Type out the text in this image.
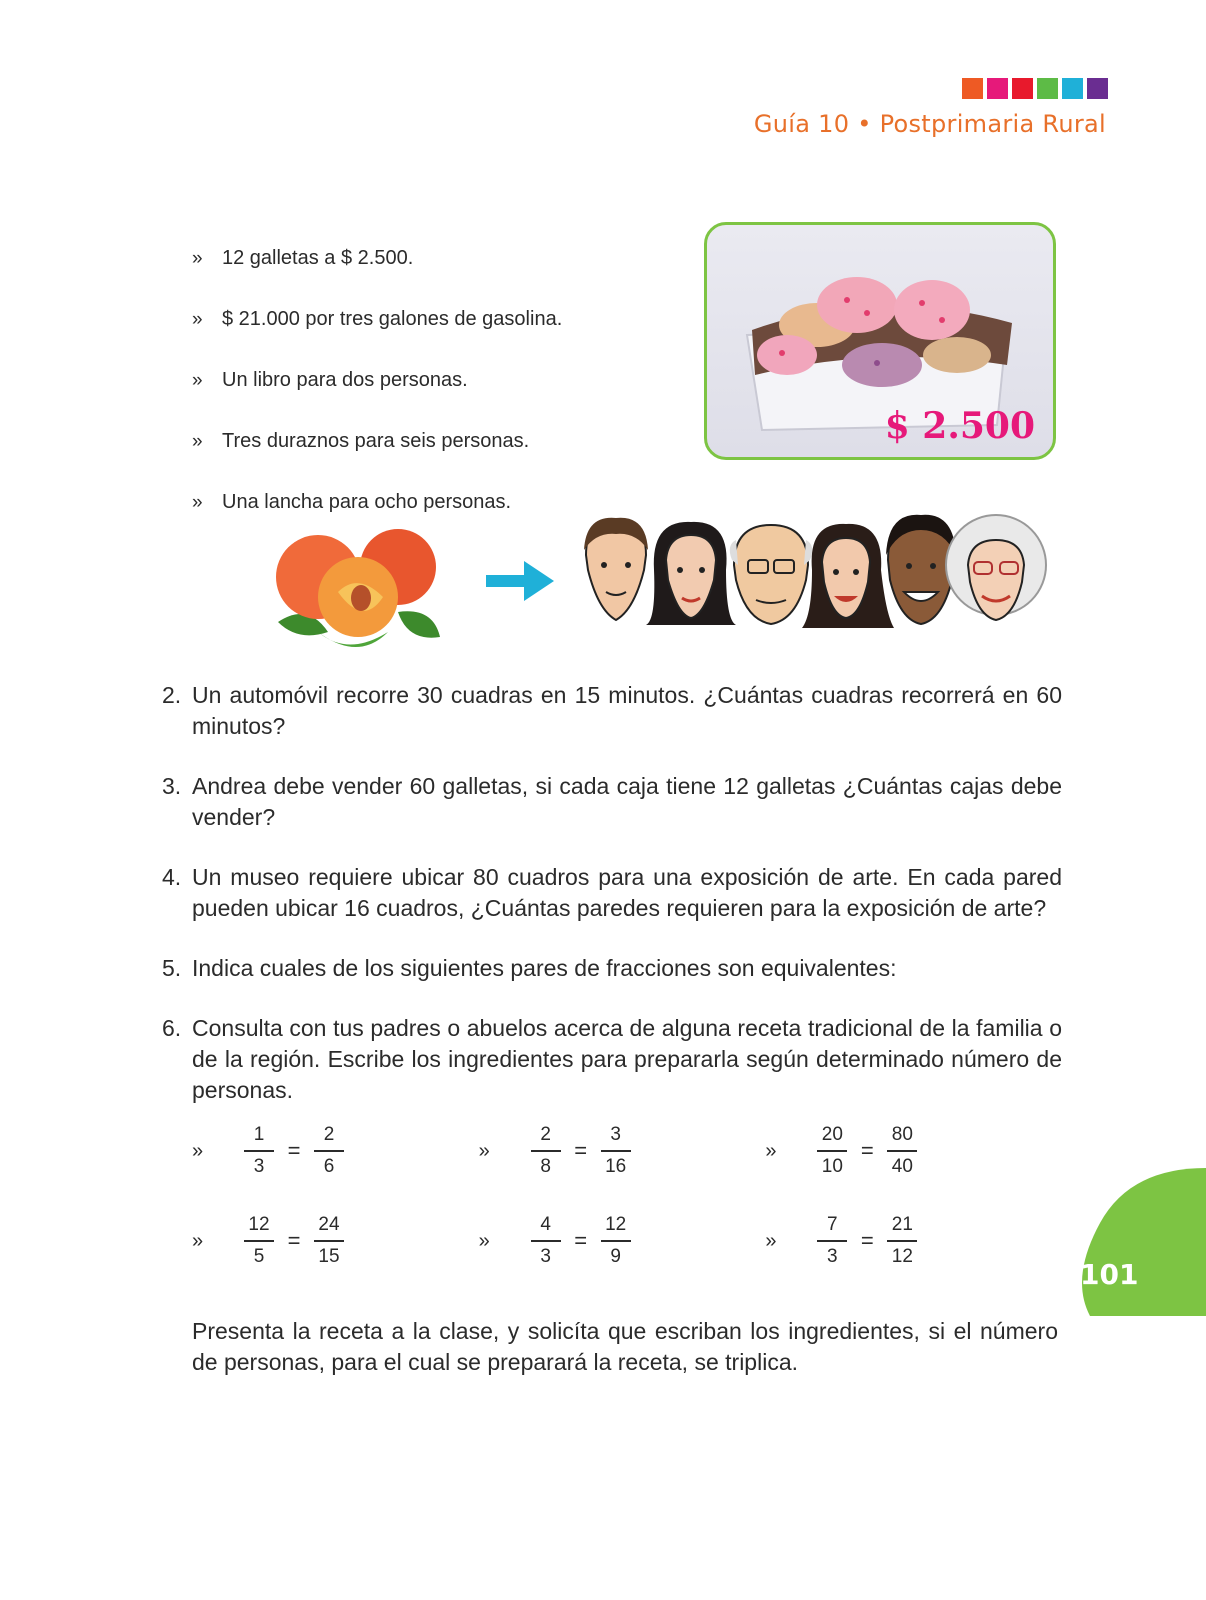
Guía 10 • Postprimaria Rural
» 12 galletas a $ 2.500.
» $ 21.000 por tres galones de gasolina.
» Un libro para dos personas.
» Tres duraznos para seis personas.
» Una lancha para ocho personas.
$ 2.500
2. Un automóvil recorre 30 cuadras en 15 minutos. ¿Cuántas cuadras recorrerá en 60 minutos?
3. Andrea debe vender 60 galletas, si cada caja tiene 12 galletas ¿Cuántas cajas debe vender?
4. Un museo requiere ubicar 80 cuadros para una exposición de arte. En cada pared pueden ubicar 16 cuadros, ¿Cuántas paredes requieren para la exposición de arte?
5. Indica cuales de los siguientes pares de fracciones son equivalentes:
6. Consulta con tus padres o abuelos acerca de alguna receta tradicional de la familia o de la región. Escribe los ingredientes para prepararla según determinado número de personas.
»	$\frac{1}{3} = \frac{2}{6}$	»	$\frac{2}{8} = \frac{3}{16}$	»	$\frac{20}{10} = \frac{80}{40}$
»	$\frac{12}{5} = \frac{24}{15}$	»	$\frac{4}{3} = \frac{12}{9}$	»	$\frac{7}{3} = \frac{21}{12}$
Presenta la receta a la clase, y solicíta que escriban los ingredientes, si el número de personas, para el cual se preparará la receta, se triplica.
101
